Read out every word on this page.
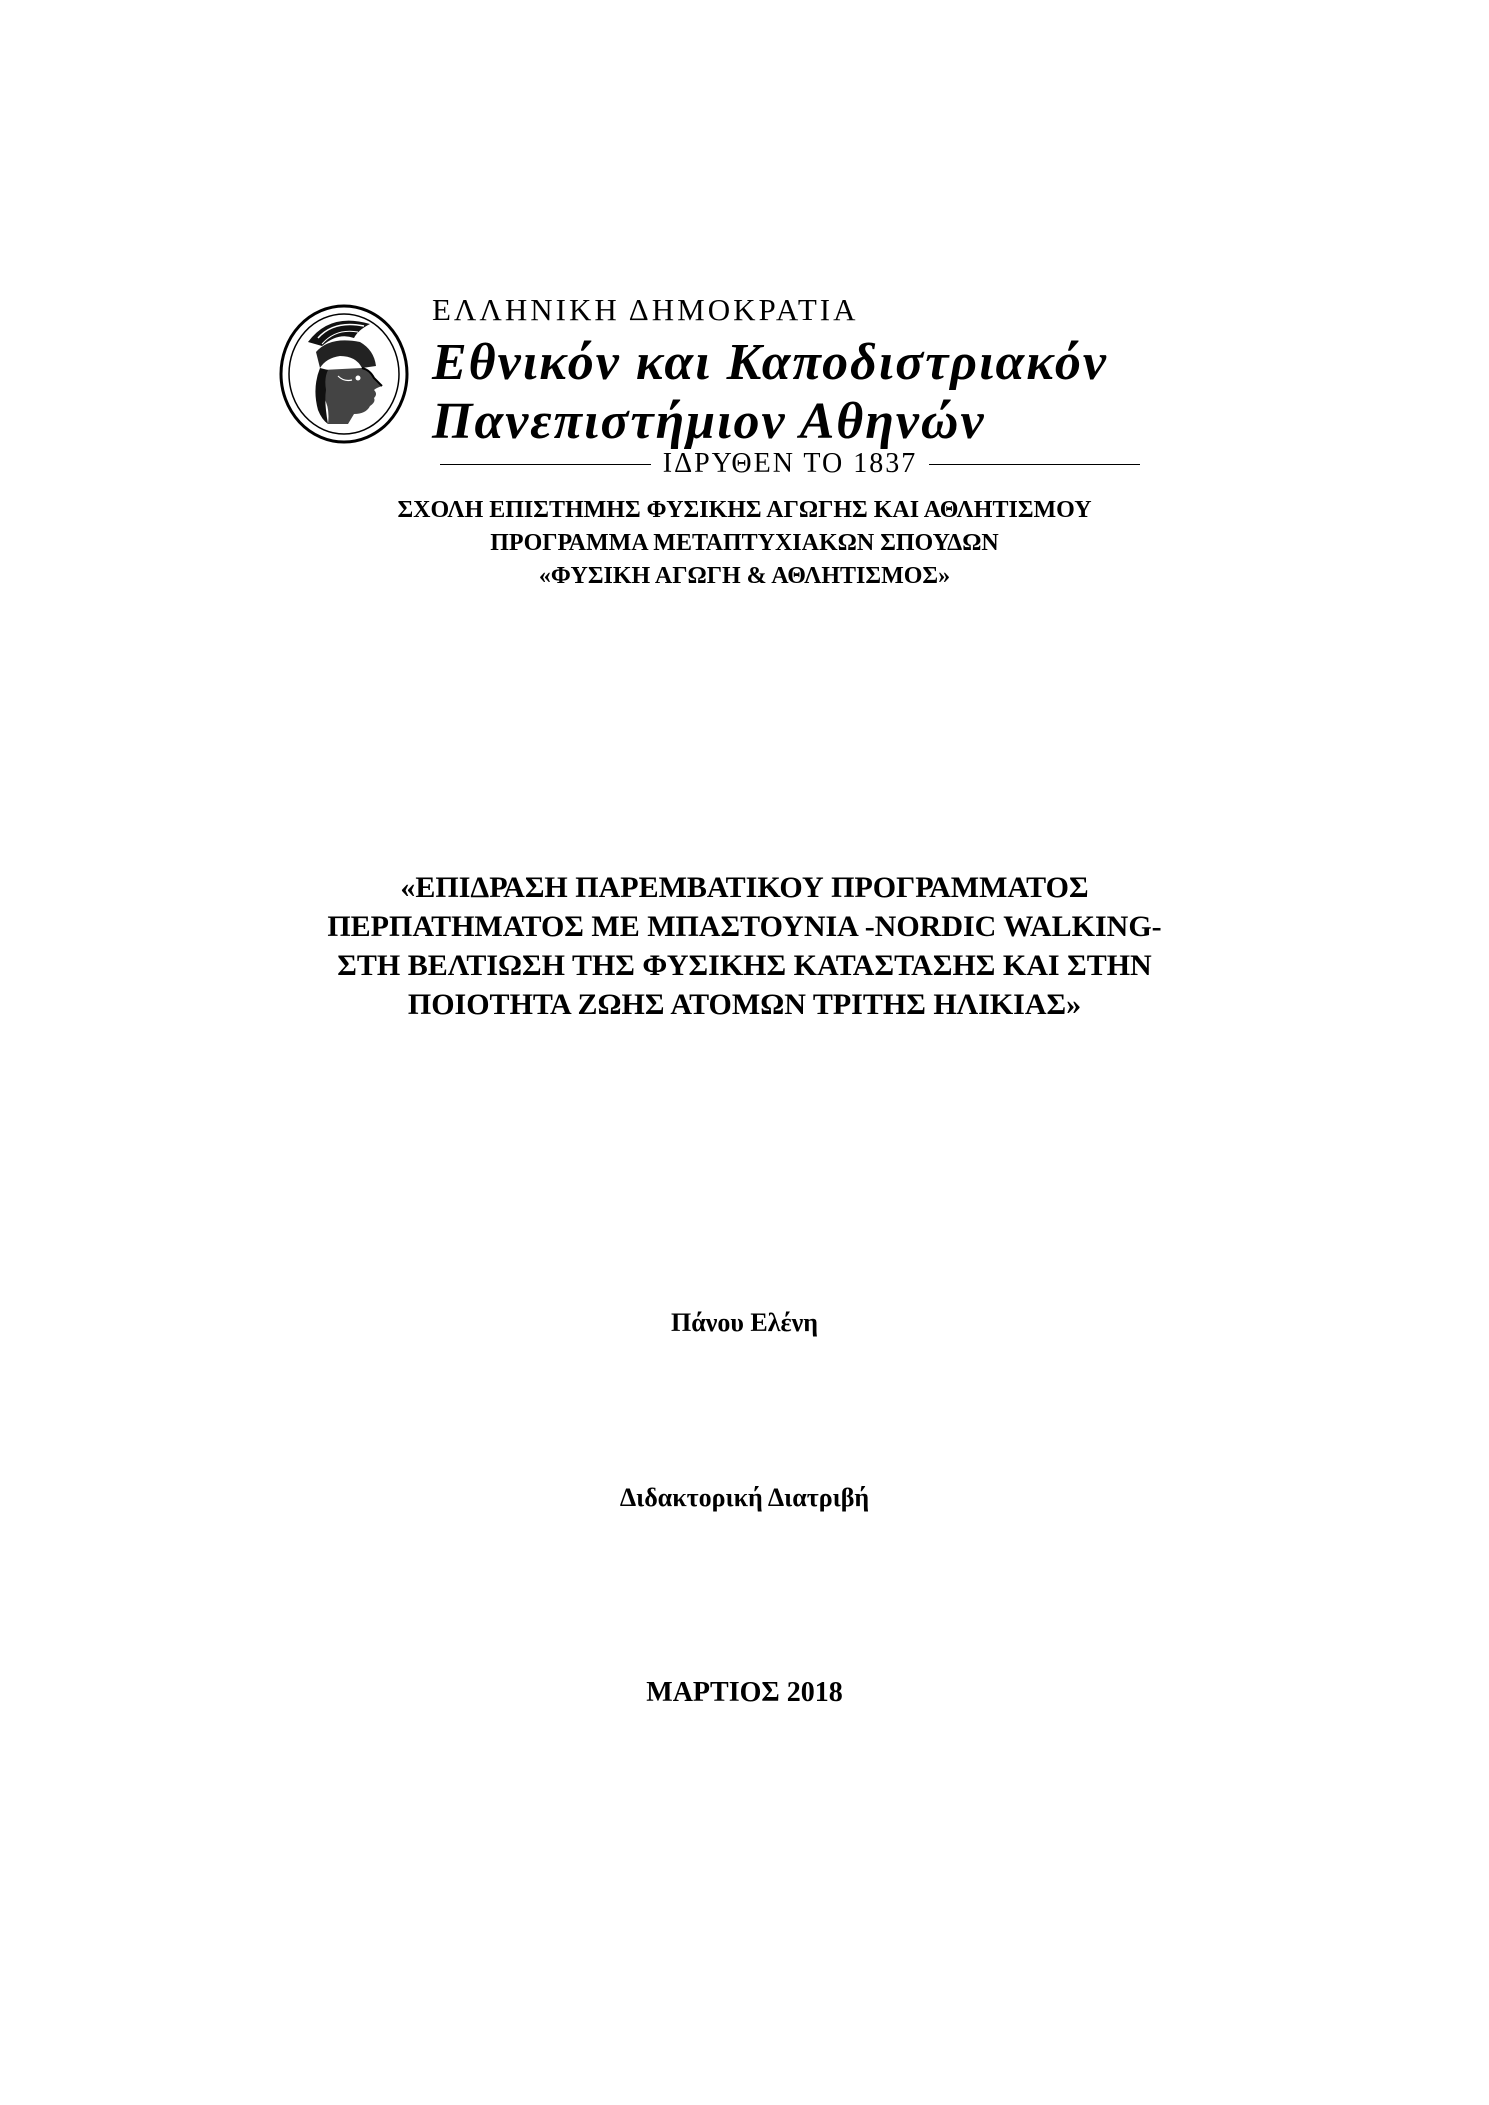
ΕΛΛΗΝΙΚΗ ΔΗΜΟΚΡΑΤΙΑ
Εθνικόν και Καποδιστριακόν
Πανεπιστήμιον Αθηνών
ΙΔΡΥΘΕΝ ΤΟ 1837
ΣΧΟΛΗ ΕΠΙΣΤΗΜΗΣ ΦΥΣΙΚΗΣ ΑΓΩΓΗΣ ΚΑΙ ΑΘΛΗΤΙΣΜΟΥ
ΠΡΟΓΡΑΜΜΑ ΜΕΤΑΠΤΥΧΙΑΚΩΝ ΣΠΟΥΔΩΝ
«ΦΥΣΙΚΗ ΑΓΩΓΗ & ΑΘΛΗΤΙΣΜΟΣ»
«ΕΠΙΔΡΑΣΗ ΠΑΡΕΜΒΑΤΙΚΟΥ ΠΡΟΓΡΑΜΜΑΤΟΣ
ΠΕΡΠΑΤΗΜΑΤΟΣ ΜΕ ΜΠΑΣΤΟΥΝΙΑ -NORDIC WALKING-
ΣΤΗ ΒΕΛΤΙΩΣΗ ΤΗΣ ΦΥΣΙΚΗΣ ΚΑΤΑΣΤΑΣΗΣ ΚΑΙ ΣΤΗΝ
ΠΟΙΟΤΗΤΑ ΖΩΗΣ ΑΤΟΜΩΝ ΤΡΙΤΗΣ ΗΛΙΚΙΑΣ»
Πάνου Ελένη
Διδακτορική Διατριβή
ΜΑΡΤΙΟΣ 2018
